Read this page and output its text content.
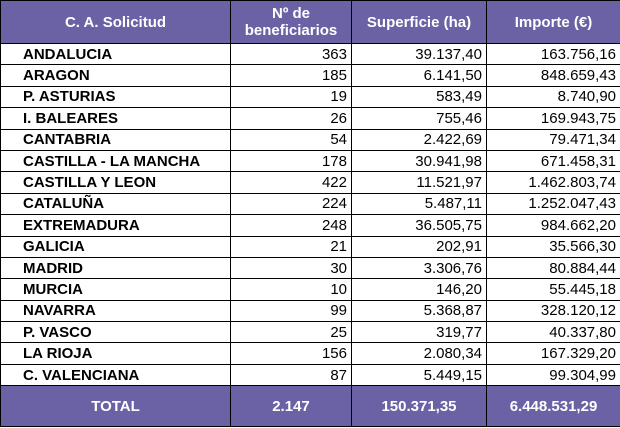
C. A. Solicitud	Nº de beneficiarios	Superficie (ha)	Importe (€)
ANDALUCIA	363	39.137,40	163.756,16
ARAGON	185	6.141,50	848.659,43
P. ASTURIAS	19	583,49	8.740,90
I. BALEARES	26	755,46	169.943,75
CANTABRIA	54	2.422,69	79.471,34
CASTILLA - LA MANCHA	178	30.941,98	671.458,31
CASTILLA Y LEON	422	11.521,97	1.462.803,74
CATALUÑA	224	5.487,11	1.252.047,43
EXTREMADURA	248	36.505,75	984.662,20
GALICIA	21	202,91	35.566,30
MADRID	30	3.306,76	80.884,44
MURCIA	10	146,20	55.445,18
NAVARRA	99	5.368,87	328.120,12
P. VASCO	25	319,77	40.337,80
LA RIOJA	156	2.080,34	167.329,20
C. VALENCIANA	87	5.449,15	99.304,99
TOTAL	2.147	150.371,35	6.448.531,29
